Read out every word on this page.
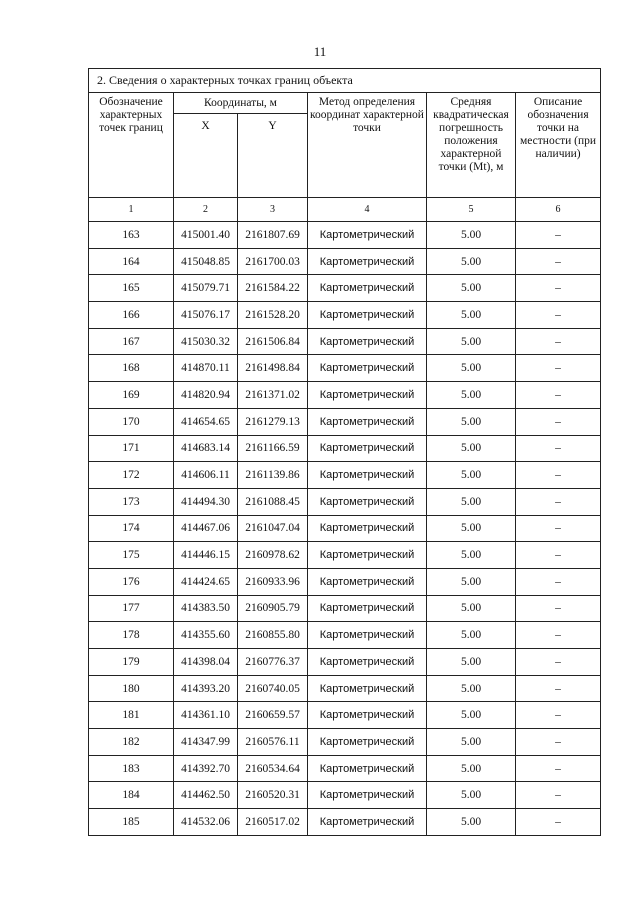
11
2. Сведения о характерных точках границ объекта					

Обозначение характерных точек границ	Координаты, м		Метод определения координат характерной точки	Средняя квадратическая погрешность положения характерной точки (Mt), м	Описание обозначения точки на местности (при наличии)

	X	Y			
1	2	3	4	5	6
163	415001.40	2161807.69	Картометрический	5.00	–
164	415048.85	2161700.03	Картометрический	5.00	–
165	415079.71	2161584.22	Картометрический	5.00	–
166	415076.17	2161528.20	Картометрический	5.00	–
167	415030.32	2161506.84	Картометрический	5.00	–
168	414870.11	2161498.84	Картометрический	5.00	–
169	414820.94	2161371.02	Картометрический	5.00	–
170	414654.65	2161279.13	Картометрический	5.00	–
171	414683.14	2161166.59	Картометрический	5.00	–
172	414606.11	2161139.86	Картометрический	5.00	–
173	414494.30	2161088.45	Картометрический	5.00	–
174	414467.06	2161047.04	Картометрический	5.00	–
175	414446.15	2160978.62	Картометрический	5.00	–
176	414424.65	2160933.96	Картометрический	5.00	–
177	414383.50	2160905.79	Картометрический	5.00	–
178	414355.60	2160855.80	Картометрический	5.00	–
179	414398.04	2160776.37	Картометрический	5.00	–
180	414393.20	2160740.05	Картометрический	5.00	–
181	414361.10	2160659.57	Картометрический	5.00	–
182	414347.99	2160576.11	Картометрический	5.00	–
183	414392.70	2160534.64	Картометрический	5.00	–
184	414462.50	2160520.31	Картометрический	5.00	–
185	414532.06	2160517.02	Картометрический	5.00	–
